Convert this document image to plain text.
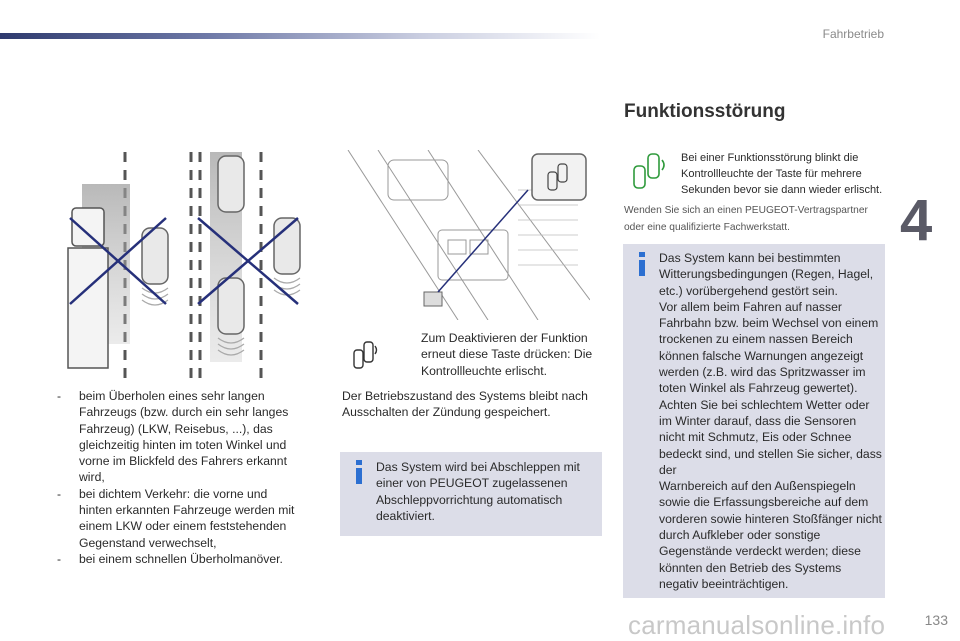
Fahrbetrieb
4
133
- beim Überholen eines sehr langen Fahrzeugs (bzw. durch ein sehr langes Fahrzeug) (LKW, Reisebus, ...), das gleichzeitig hinten im toten Winkel und vorne im Blickfeld des Fahrers erkannt wird,
- bei dichtem Verkehr: die vorne und hinten erkannten Fahrzeuge werden mit einem LKW oder einem feststehenden Gegenstand verwechselt,
- bei einem schnellen Überholmanöver.
Zum Deaktivieren der Funktion erneut diese Taste drücken: Die Kontrollleuchte erlischt.
Der Betriebszustand des Systems bleibt nach Ausschalten der Zündung gespeichert.
Das System wird bei Abschleppen mit einer von PEUGEOT zugelassenen Abschleppvorrichtung automatisch deaktiviert.
Funktionsstörung
Bei einer Funktionsstörung blinkt die Kontrollleuchte der Taste für mehrere Sekunden bevor sie dann wieder erlischt.
Wenden Sie sich an einen PEUGEOT-Vertragspartner oder eine qualifizierte Fachwerkstatt.
Das System kann bei bestimmten Witterungsbedingungen (Regen, Hagel, etc.) vorübergehend gestört sein.
Vor allem beim Fahren auf nasser Fahrbahn bzw. beim Wechsel von einem trockenen zu einem nassen Bereich können falsche Warnungen angezeigt werden (z.B. wird das Spritzwasser im toten Winkel als Fahrzeug gewertet).
Achten Sie bei schlechtem Wetter oder im Winter darauf, dass die Sensoren nicht mit Schmutz, Eis oder Schnee bedeckt sind, und stellen Sie sicher, dass der
Warnbereich auf den Außenspiegeln sowie die Erfassungsbereiche auf dem vorderen sowie hinteren Stoßfänger nicht durch Aufkleber oder sonstige Gegenstände verdeckt werden; diese könnten den Betrieb des Systems negativ beeinträchtigen.
carmanualsonline.info
